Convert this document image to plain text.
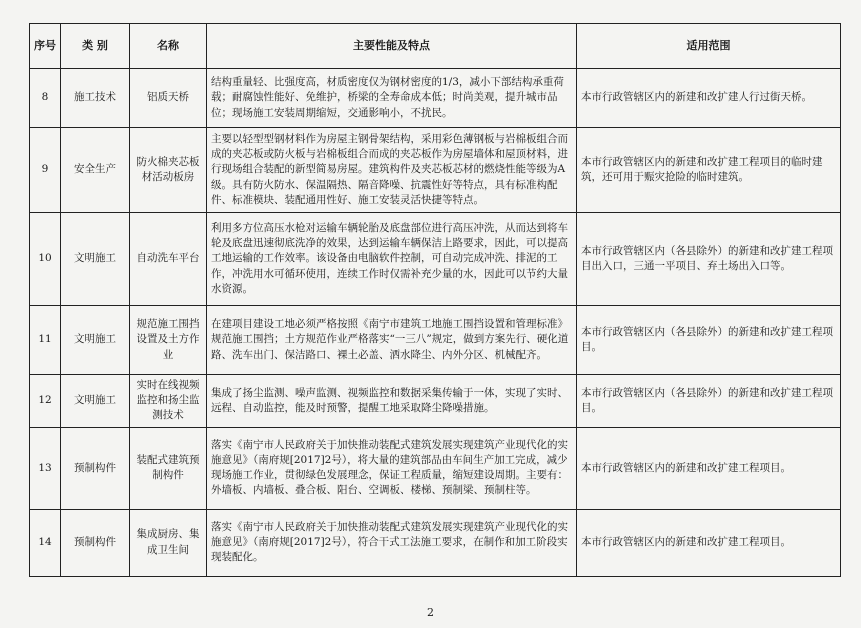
序号	类 别	名称	主要性能及特点	适用范围
8	施工技术	铝质天桥	结构重量轻、比强度高，材质密度仅为钢材密度的1/3，减小下部结构承重荷载；耐腐蚀性能好、免维护，桥梁的全寿命成本低；时尚美观，提升城市品位；现场施工安装周期缩短，交通影响小，不扰民。	本市行政管辖区内的新建和改扩建人行过街天桥。
9	安全生产	防火棉夹芯板材活动板房	主要以轻型型钢材料作为房屋主钢骨架结构，采用彩色薄钢板与岩棉板组合而成的夹芯板或防火板与岩棉板组合而成的夹芯板作为房屋墙体和屋顶材料，进行现场组合装配的新型简易房屋。建筑构件及夹芯板芯材的燃烧性能等级为A级。具有防火防水、保温隔热、隔音降噪、抗震性好等特点，具有标准构配件、标准模块、装配通用性好、施工安装灵活快捷等特点。	本市行政管辖区内的新建和改扩建工程项目的临时建筑，还可用于赈灾抢险的临时建筑。
10	文明施工	自动洗车平台	利用多方位高压水枪对运输车辆轮胎及底盘部位进行高压冲洗，从而达到将车轮及底盘迅速彻底洗净的效果，达到运输车辆保洁上路要求，因此，可以提高工地运输的工作效率。该设备由电脑软件控制，可自动完成冲洗、排泥的工作，冲洗用水可循环使用，连续工作时仅需补充少量的水，因此可以节约大量水资源。	本市行政管辖区内（各县除外）的新建和改扩建工程项目出入口，三通一平项目、弃土场出入口等。
11	文明施工	规范施工围挡设置及土方作业	在建项目建设工地必须严格按照《南宁市建筑工地施工围挡设置和管理标准》规范施工围挡；土方规范作业严格落实“一三八”规定，做到方案先行、硬化道路、洗车出门、保洁路口、裸土必盖、洒水降尘、内外分区、机械配齐。	本市行政管辖区内（各县除外）的新建和改扩建工程项目。
12	文明施工	实时在线视频监控和扬尘监测技术	集成了扬尘监测、噪声监测、视频监控和数据采集传输于一体，实现了实时、远程、自动监控，能及时预警，提醒工地采取降尘降噪措施。	本市行政管辖区内（各县除外）的新建和改扩建工程项目。
13	预制构件	装配式建筑预制构件	落实《南宁市人民政府关于加快推动装配式建筑发展实现建筑产业现代化的实施意见》（南府规[2017]2号），将大量的建筑部品由车间生产加工完成，减少现场施工作业，贯彻绿色发展理念，保证工程质量，缩短建设周期。主要有：外墙板、内墙板、叠合板、阳台、空调板、楼梯、预制梁、预制柱等。	本市行政管辖区内的新建和改扩建工程项目。
14	预制构件	集成厨房、集成卫生间	落实《南宁市人民政府关于加快推动装配式建筑发展实现建筑产业现代化的实施意见》（南府规[2017]2号），符合干式工法施工要求，在制作和加工阶段实现装配化。	本市行政管辖区内的新建和改扩建工程项目。
2
